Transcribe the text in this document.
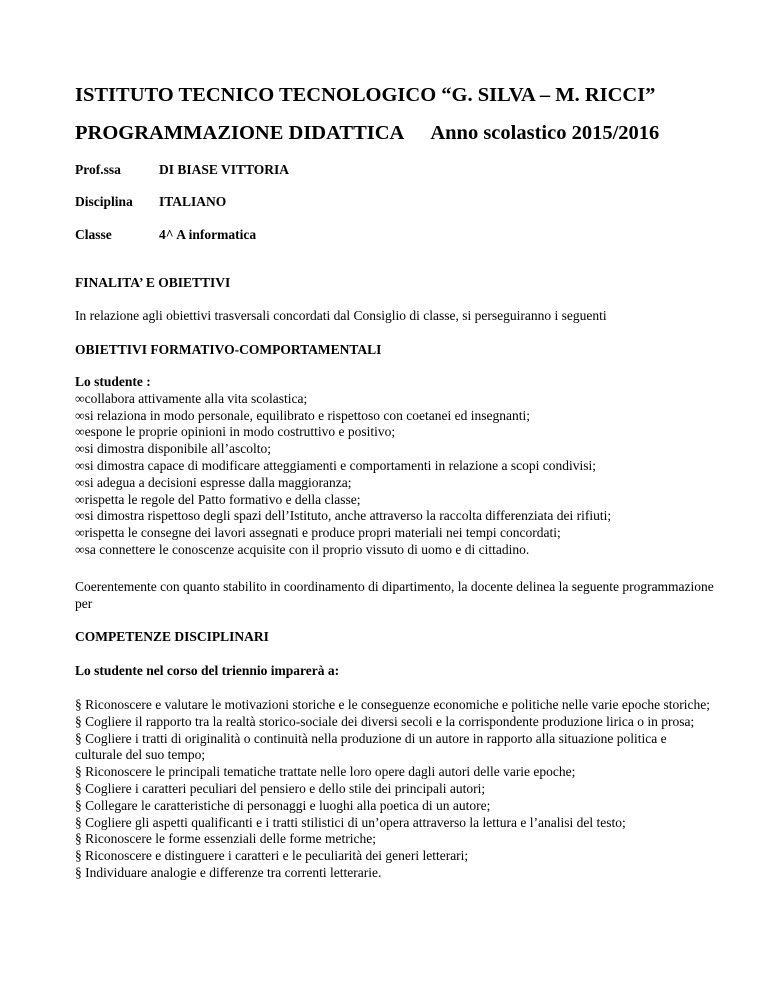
ISTITUTO TECNICO TECNOLOGICO “G. SILVA – M. RICCI”
PROGRAMMAZIONE DIDATTICA Anno scolastico 2015/2016
Prof.ssa	DI BIASE VITTORIA
Disciplina ITALIANO
Classe	4^ A informatica
FINALITA’ E OBIETTIVI
In relazione agli obiettivi trasversali concordati dal Consiglio di classe, si perseguiranno i seguenti
OBIETTIVI FORMATIVO-COMPORTAMENTALI
Lo studente :
∞collabora attivamente alla vita scolastica;
∞si relaziona in modo personale, equilibrato e rispettoso con coetanei ed insegnanti;
∞espone le proprie opinioni in modo costruttivo e positivo;
∞si dimostra disponibile all’ascolto;
∞si dimostra capace di modificare atteggiamenti e comportamenti in relazione a scopi condivisi;
∞si adegua a decisioni espresse dalla maggioranza;
∞rispetta le regole del Patto formativo e della classe;
∞si dimostra rispettoso degli spazi dell’Istituto, anche attraverso la raccolta differenziata dei rifiuti;
∞rispetta le consegne dei lavori assegnati e produce propri materiali nei tempi concordati;
∞sa connettere le conoscenze acquisite con il proprio vissuto di uomo e di cittadino.
Coerentemente con quanto stabilito in coordinamento di dipartimento, la docente delinea la seguente programmazione per
COMPETENZE DISCIPLINARI
Lo studente nel corso del triennio imparerà a:
§ Riconoscere e valutare le motivazioni storiche e le conseguenze economiche e politiche nelle varie epoche storiche;
§ Cogliere il rapporto tra la realtà storico-sociale dei diversi secoli e la corrispondente produzione lirica o in prosa;
§ Cogliere i tratti di originalità o continuità nella produzione di un autore in rapporto alla situazione politica e culturale del suo tempo;
§ Riconoscere le principali tematiche trattate nelle loro opere dagli autori delle varie epoche;
§ Cogliere i caratteri peculiari del pensiero e dello stile dei principali autori;
§ Collegare le caratteristiche di personaggi e luoghi alla poetica di un autore;
§ Cogliere gli aspetti qualificanti e i tratti stilistici di un’opera attraverso la lettura e l’analisi del testo;
§ Riconoscere le forme essenziali delle forme metriche;
§ Riconoscere e distinguere i caratteri e le peculiarità dei generi letterari;
§ Individuare analogie e differenze tra correnti letterarie.
